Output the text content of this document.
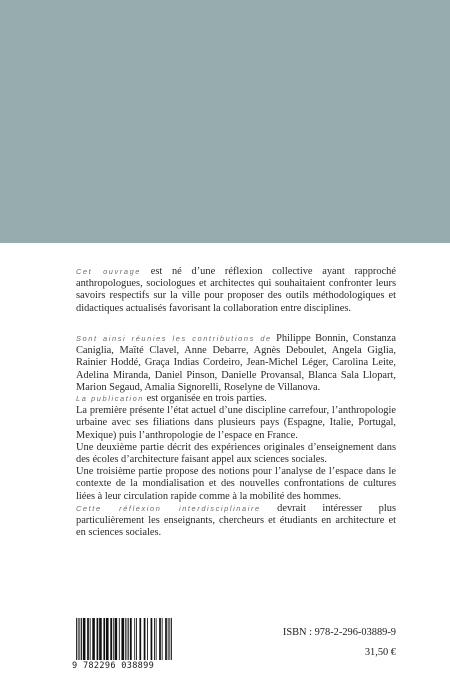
Cet ouvrage est né d’une réflexion collective ayant rapproché anthropologues, sociologues et architectes qui souhaitaient confronter leurs savoirs respectifs sur la ville pour proposer des outils méthodologiques et didactiques actualisés favorisant la collaboration entre disciplines.

Sont ainsi réunies les contributions de Philippe Bonnin, Constanza Caniglia, Maïté Clavel, Anne Debarre, Agnès Deboulet, Angela Giglia, Rainier Hoddé, Graça Indias Cordeiro, Jean-Michel Léger, Carolina Leite, Adelina Miranda, Daniel Pinson, Danielle Provansal, Blanca Sala Llopart, Marion Segaud, Amalia Signorelli, Roselyne de Villanova.

La publication est organisée en trois parties.

La première présente l’état actuel d’une discipline carrefour, l’anthropologie urbaine avec ses filiations dans plusieurs pays (Espagne, Italie, Portugal, Mexique) puis l’anthropologie de l’espace en France.

Une deuxième partie décrit des expériences originales d’enseignement dans des écoles d’architecture faisant appel aux sciences sociales.

Une troisième partie propose des notions pour l’analyse de l’espace dans le contexte de la mondialisation et des nouvelles confrontations de cultures liées à leur circulation rapide comme à la mobilité des hommes.

Cette réflexion interdisciplinaire devrait intéresser plus particulièrement les enseignants, chercheurs et étudiants en architecture et en sciences sociales.

9 782296 038899
ISBN : 978-2-296-03889-9
31,50 €
